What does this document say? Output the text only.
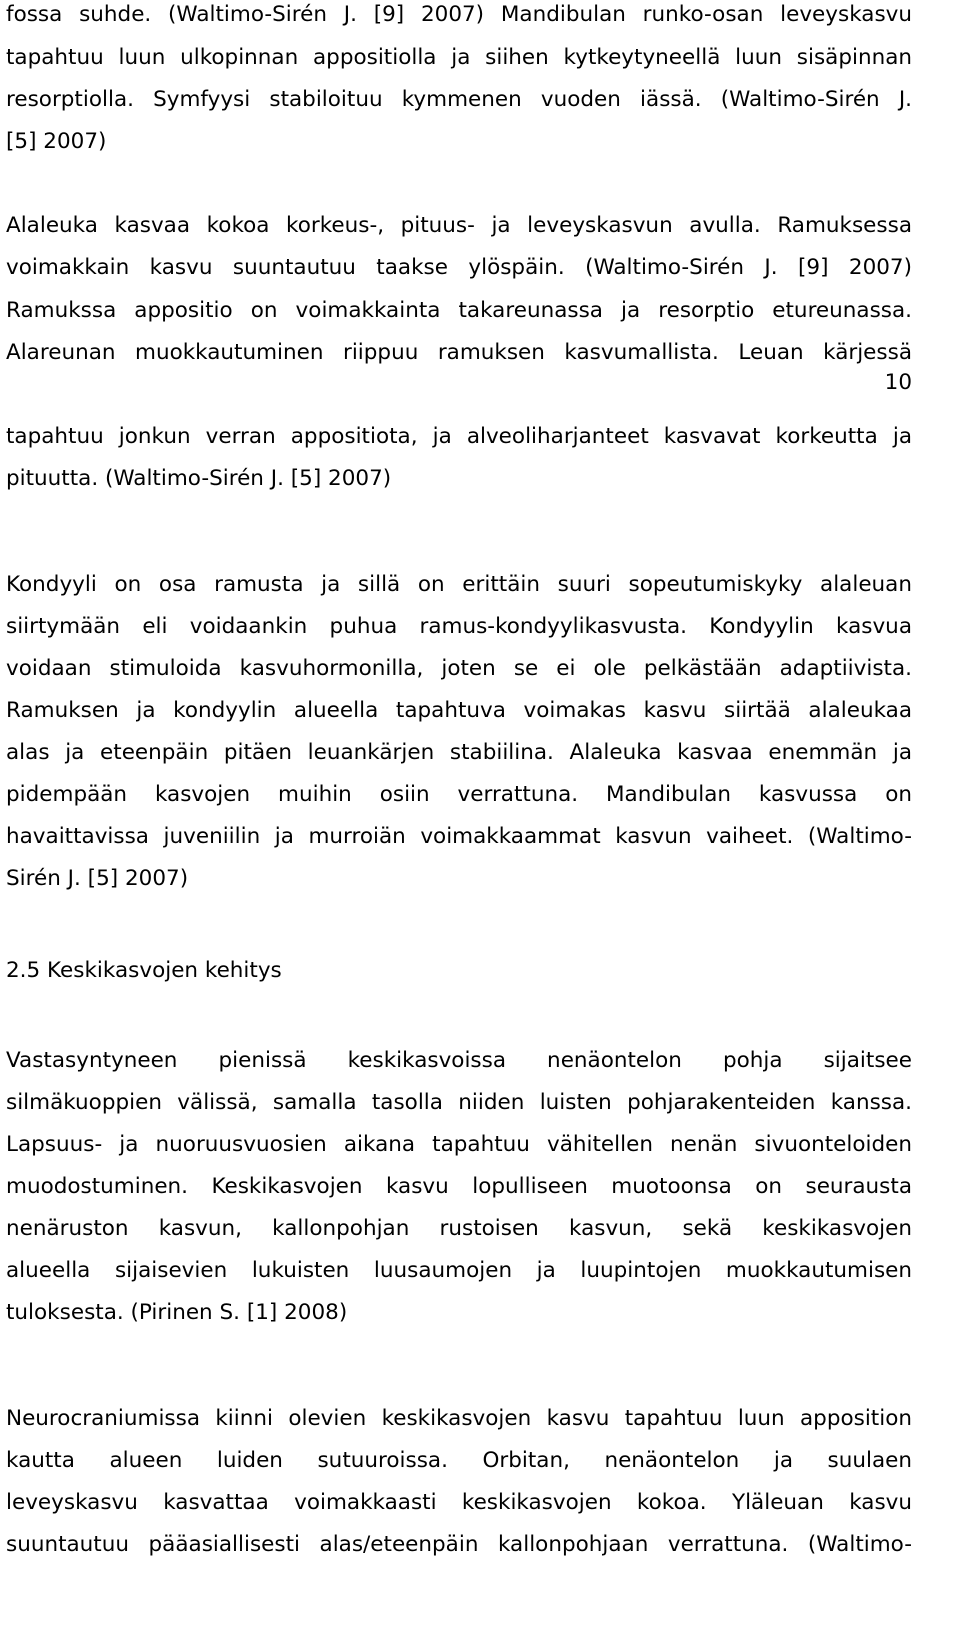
fossa suhde. (Waltimo-Sirén J. [9] 2007) Mandibulan runko-osan leveyskasvu
tapahtuu luun ulkopinnan appositiolla ja siihen kytkeytyneellä luun sisäpinnan
resorptiolla. Symfyysi stabiloituu kymmenen vuoden iässä. (Waltimo-Sirén J.
[5] 2007)
Alaleuka kasvaa kokoa korkeus-, pituus- ja leveyskasvun avulla. Ramuksessa
voimakkain kasvu suuntautuu taakse ylöspäin. (Waltimo-Sirén J. [9] 2007)
Ramukssa appositio on voimakkainta takareunassa ja resorptio etureunassa.
Alareunan muokkautuminen riippuu ramuksen kasvumallista. Leuan kärjessä
10
tapahtuu jonkun verran appositiota, ja alveoliharjanteet kasvavat korkeutta ja
pituutta. (Waltimo-Sirén J. [5] 2007)
Kondyyli on osa ramusta ja sillä on erittäin suuri sopeutumiskyky alaleuan
siirtymään eli voidaankin puhua ramus-kondyylikasvusta. Kondyylin kasvua
voidaan stimuloida kasvuhormonilla, joten se ei ole pelkästään adaptiivista.
Ramuksen ja kondyylin alueella tapahtuva voimakas kasvu siirtää alaleukaa
alas ja eteenpäin pitäen leuankärjen stabiilina. Alaleuka kasvaa enemmän ja
pidempään kasvojen muihin osiin verrattuna. Mandibulan kasvussa on
havaittavissa juveniilin ja murroiän voimakkaammat kasvun vaiheet. (Waltimo-
Sirén J. [5] 2007)
2.5 Keskikasvojen kehitys
Vastasyntyneen pienissä keskikasvoissa nenäontelon pohja sijaitsee
silmäkuoppien välissä, samalla tasolla niiden luisten pohjarakenteiden kanssa.
Lapsuus- ja nuoruusvuosien aikana tapahtuu vähitellen nenän sivuonteloiden
muodostuminen. Keskikasvojen kasvu lopulliseen muotoonsa on seurausta
nenäruston kasvun, kallonpohjan rustoisen kasvun, sekä keskikasvojen
alueella sijaisevien lukuisten luusaumojen ja luupintojen muokkautumisen
tuloksesta. (Pirinen S. [1] 2008)
Neurocraniumissa kiinni olevien keskikasvojen kasvu tapahtuu luun apposition
kautta alueen luiden sutuuroissa. Orbitan, nenäontelon ja suulaen
leveyskasvu kasvattaa voimakkaasti keskikasvojen kokoa. Yläleuan kasvu
suuntautuu pääasiallisesti alas/eteenpäin kallonpohjaan verrattuna. (Waltimo-
